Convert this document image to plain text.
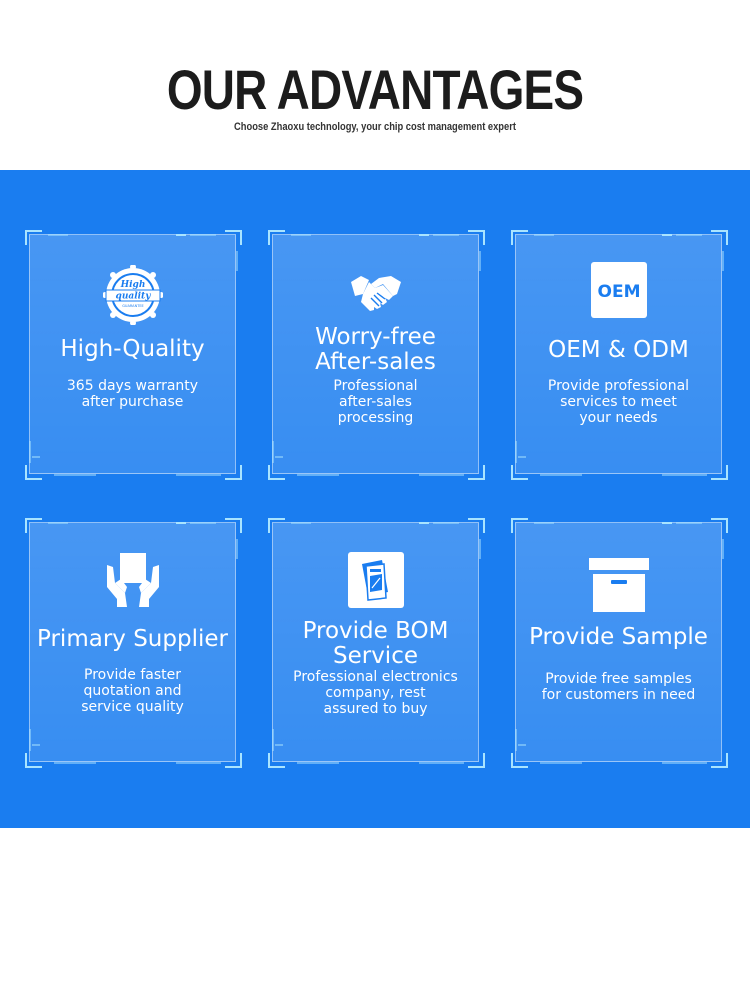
OUR ADVANTAGES
Choose Zhaoxu technology, your chip cost management expert
High
quality
GUARANTEE
High-Quality
365 days warranty
after purchase
Worry-free
After-sales
Professional
after-sales
processing
OEM
OEM & ODM
Provide professional
services to meet
your needs
Primary Supplier
Provide faster
quotation and
service quality
Provide BOM
Service
Professional electronics
company, rest
assured to buy
Provide Sample
Provide free samples
for customers in need
